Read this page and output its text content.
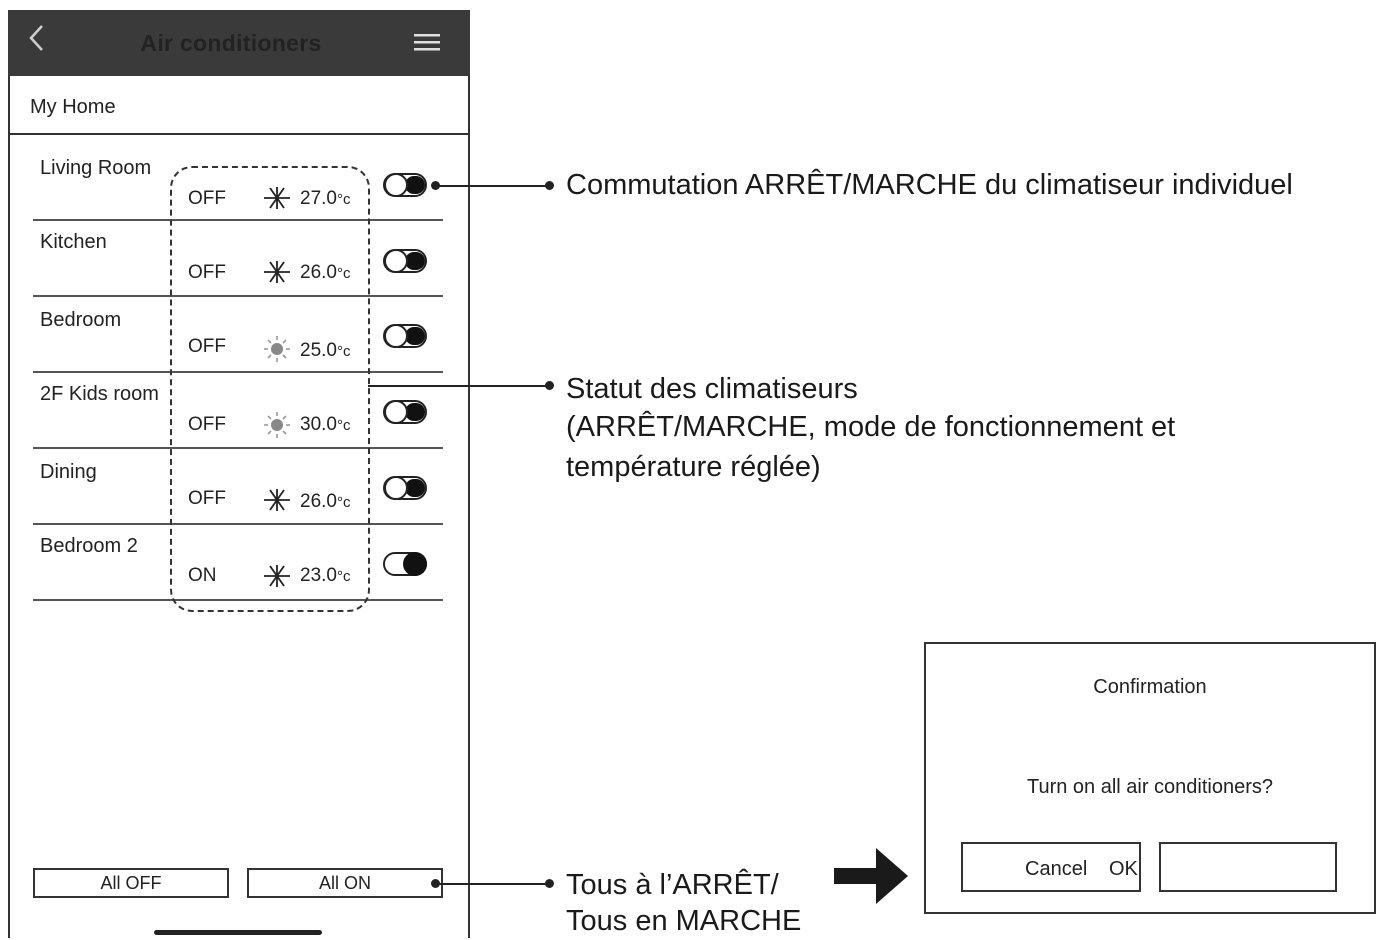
Air conditioners
My Home
Living Room
OFF	27.0°c
Kitchen
OFF	26.0°c
Bedroom
OFF	25.0°c
2F Kids room
OFF	30.0°c
Dining
OFF	26.0°c
Bedroom 2
ON	23.0°c
All OFF	All ON
Commutation ARRÊT/MARCHE du climatiseur individuel
Statut des climatiseurs
(ARRÊT/MARCHE, mode de fonctionnement et
température réglée)
Tous à l’ARRÊT/
Tous en MARCHE
Confirmation
Turn on all air conditioners?
Cancel OK
